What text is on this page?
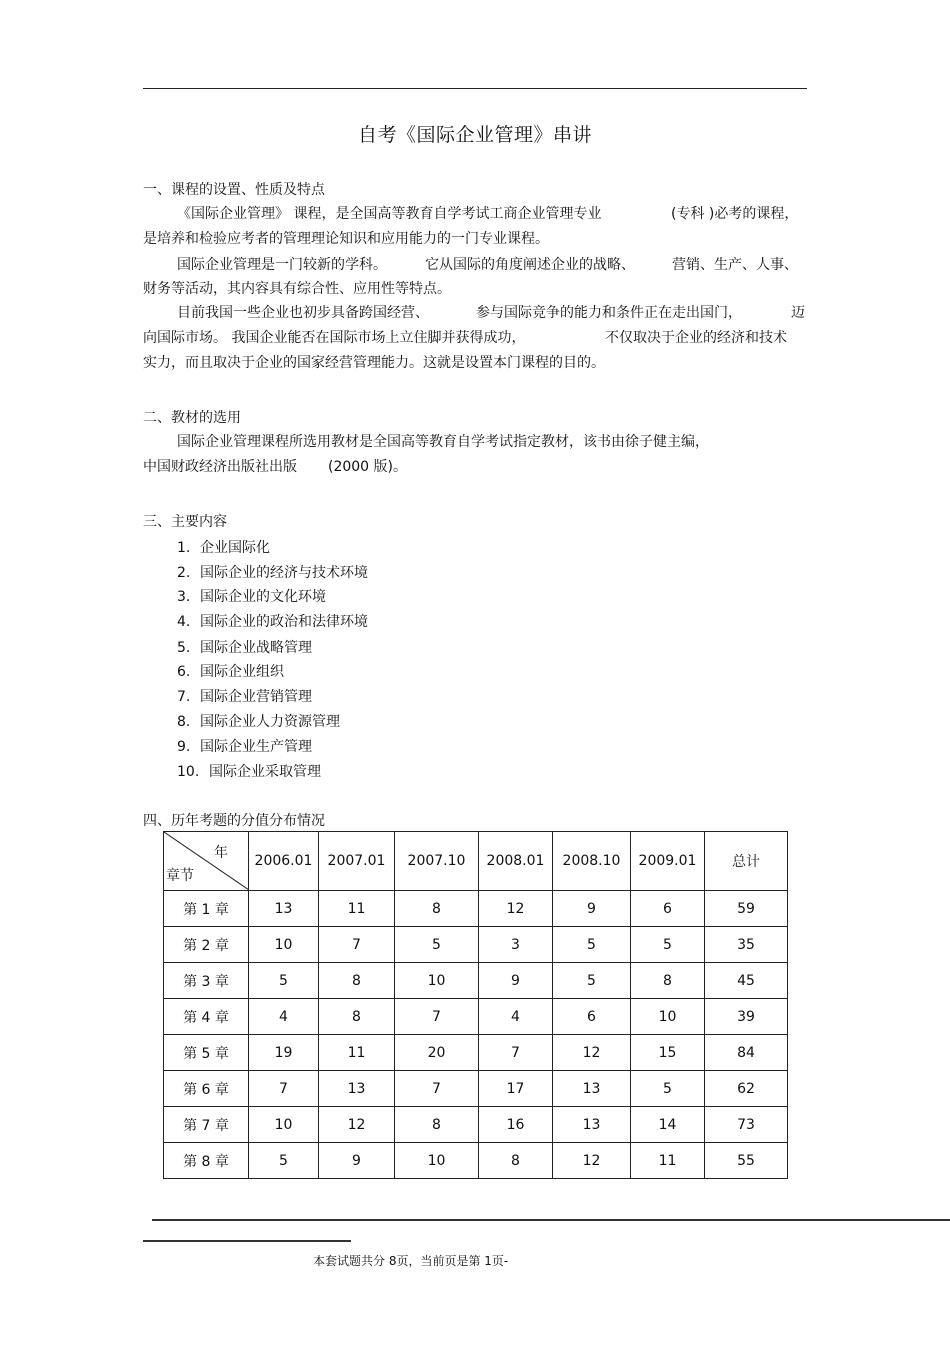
自考《国际企业管理》串讲
一、课程的设置、性质及特点
《国际企业管理》 课程，是全国高等教育自学考试工商企业管理专业	(专科 )必考的课程，
是培养和检验应考者的管理理论知识和应用能力的一门专业课程。
国际企业管理是一门较新的学科。	它从国际的角度阐述企业的战略、	营销、生产、人事、
财务等活动，其内容具有综合性、应用性等特点。
目前我国一些企业也初步具备跨国经营、	参与国际竞争的能力和条件正在走出国门，	迈
向国际市场。 我国企业能否在国际市场上立住脚并获得成功，	不仅取决于企业的经济和技术
实力，而且取决于企业的国家经营管理能力。这就是设置本门课程的目的。
二、教材的选用
国际企业管理课程所选用教材是全国高等教育自学考试指定教材，该书由徐子健主编，
中国财政经济出版社出版 (2000 版)。
三、主要内容
1. 企业国际化
2. 国际企业的经济与技术环境
3. 国际企业的文化环境
4. 国际企业的政治和法律环境
5. 国际企业战略管理
6. 国际企业组织
7. 国际企业营销管理
8. 国际企业人力资源管理
9. 国际企业生产管理
10. 国际企业采取管理
四、历年考题的分值分布情况
年
章节	2006.01	2007.01	2007.10	2008.01	2008.10	2009.01	总计
第 1 章	13	11	8	12	9	6	59
第 2 章	10	7	5	3	5	5	35
第 3 章	5	8	10	9	5	8	45
第 4 章	4	8	7	4	6	10	39
第 5 章	19	11	20	7	12	15	84
第 6 章	7	13	7	17	13	5	62
第 7 章	10	12	8	16	13	14	73
第 8 章	5	9	10	8	12	11	55
本套试题共分 8页，当前页是第 1页-
